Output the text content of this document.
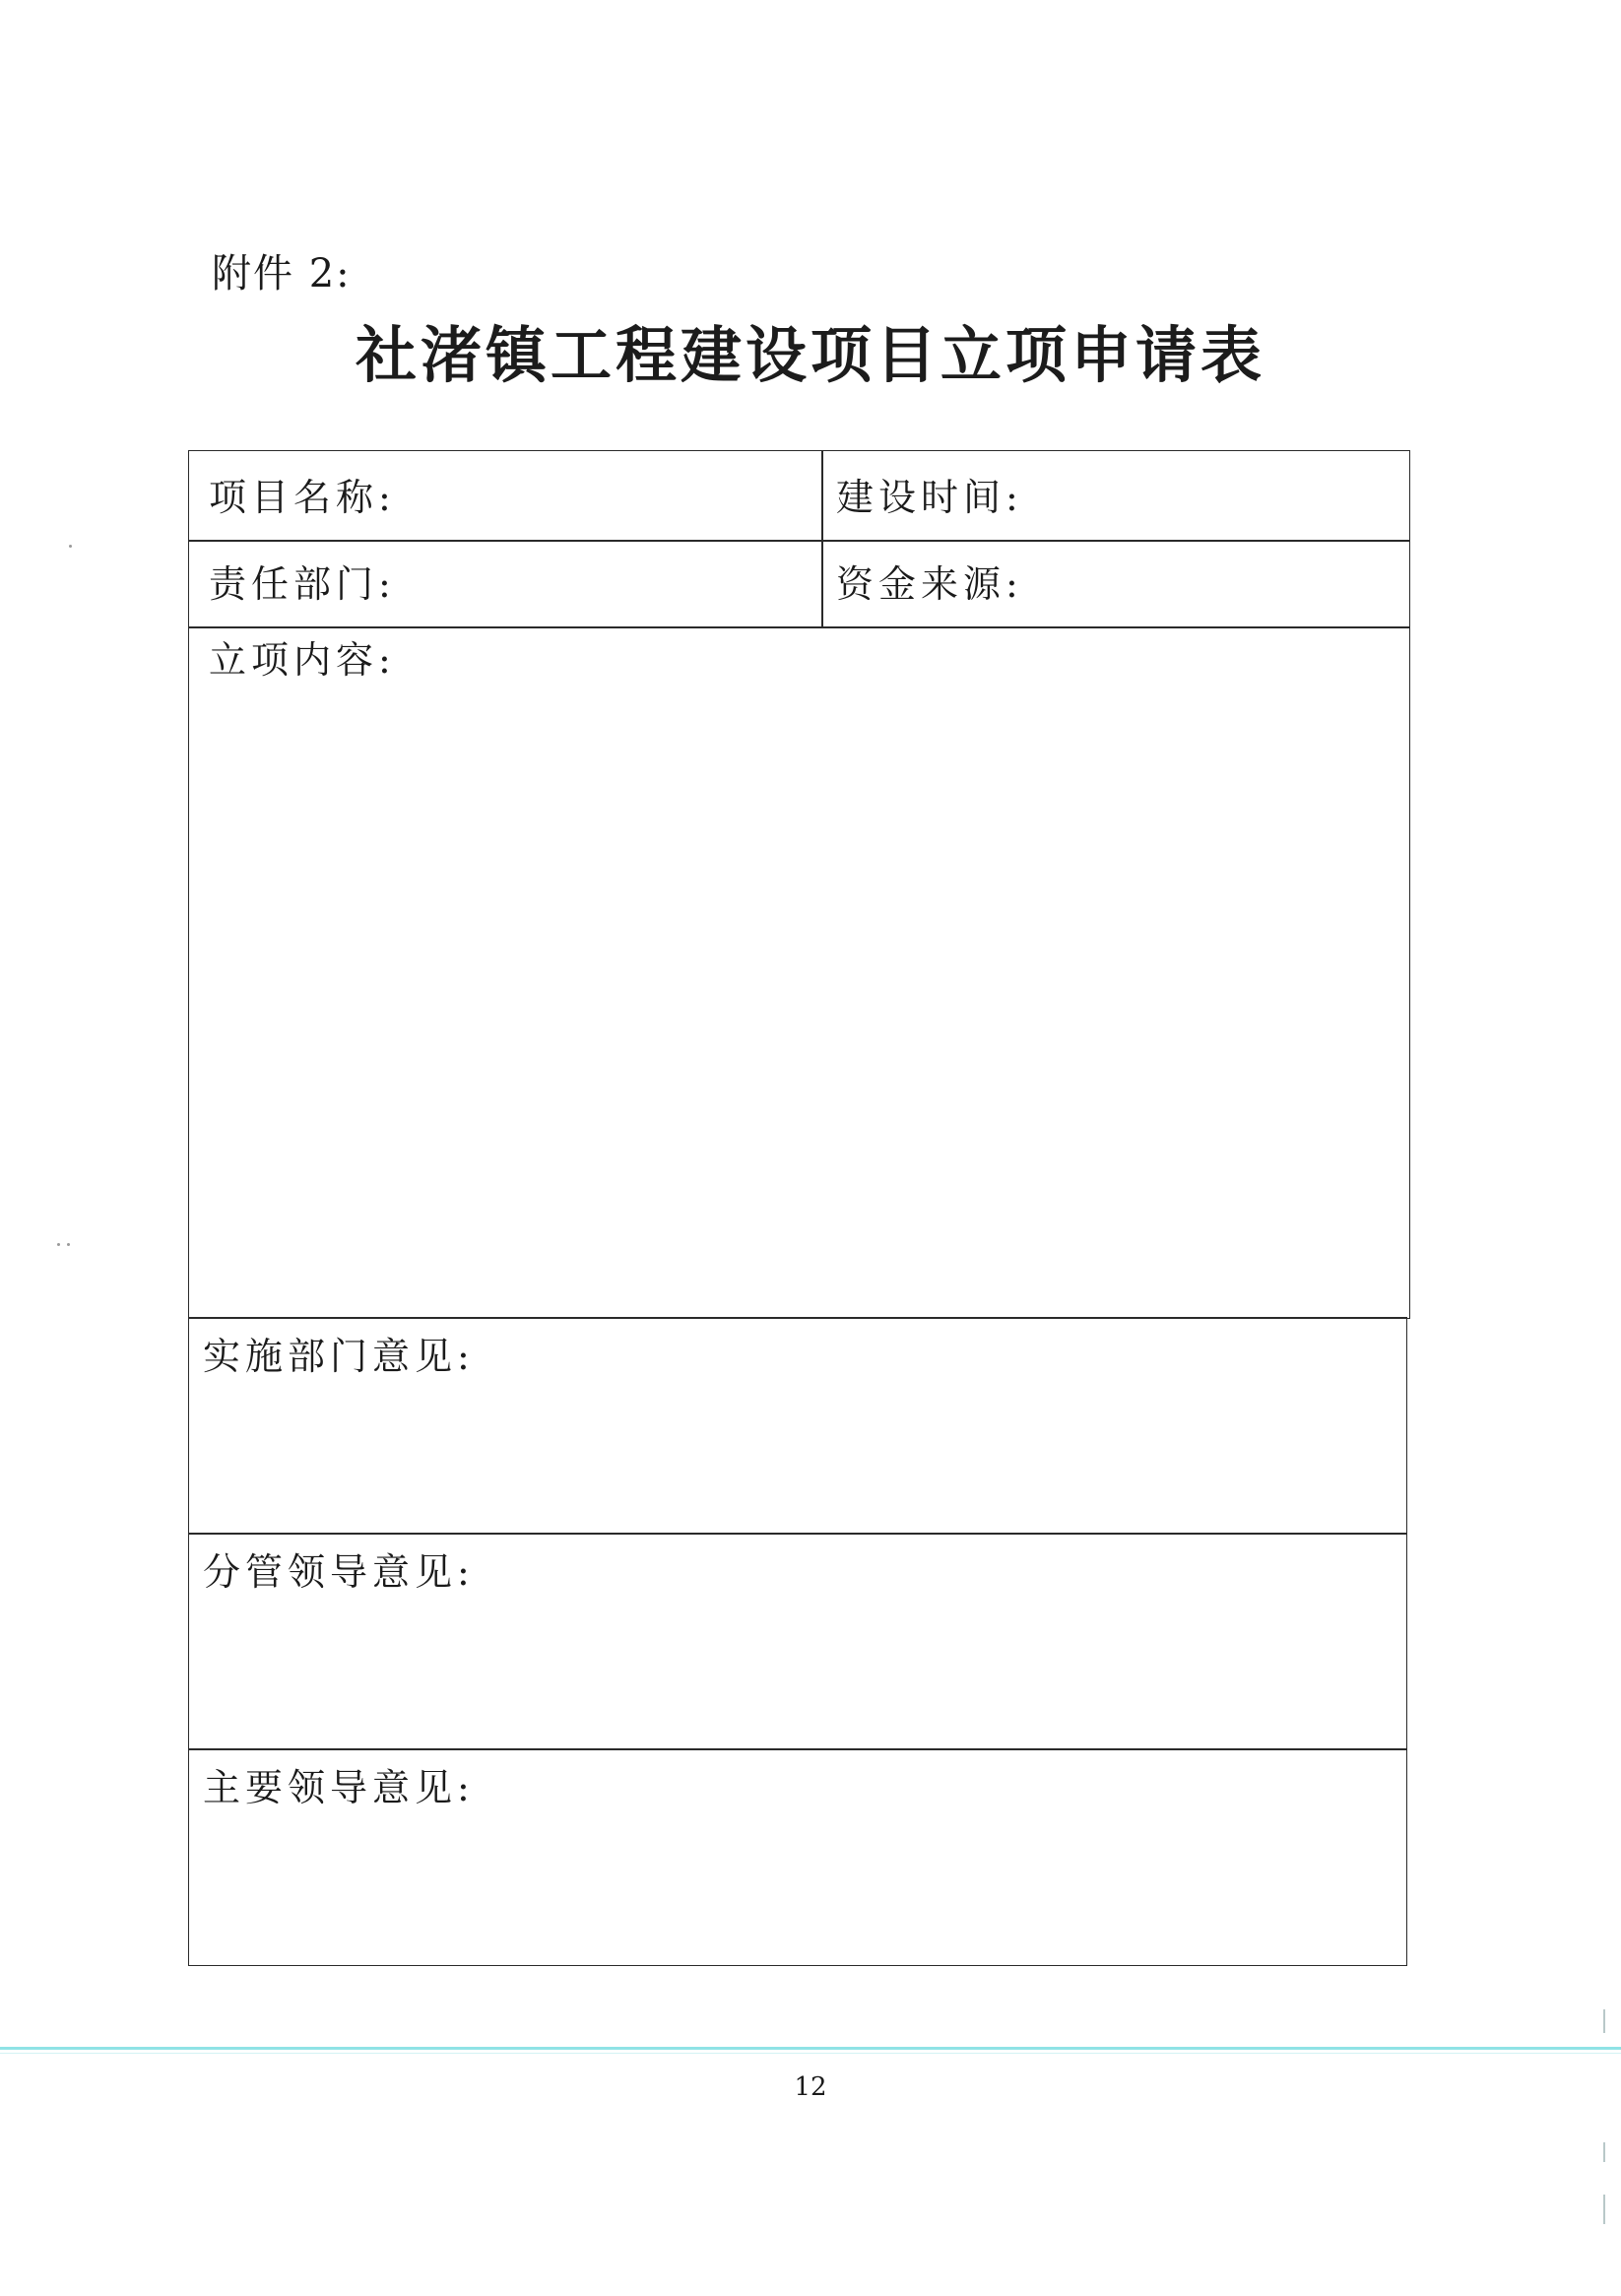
附件 2:
社渚镇工程建设项目立项申请表
项目名称:	建设时间:
责任部门:	资金来源:
立项内容:
实施部门意见:
分管领导意见:
主要领导意见:
12
